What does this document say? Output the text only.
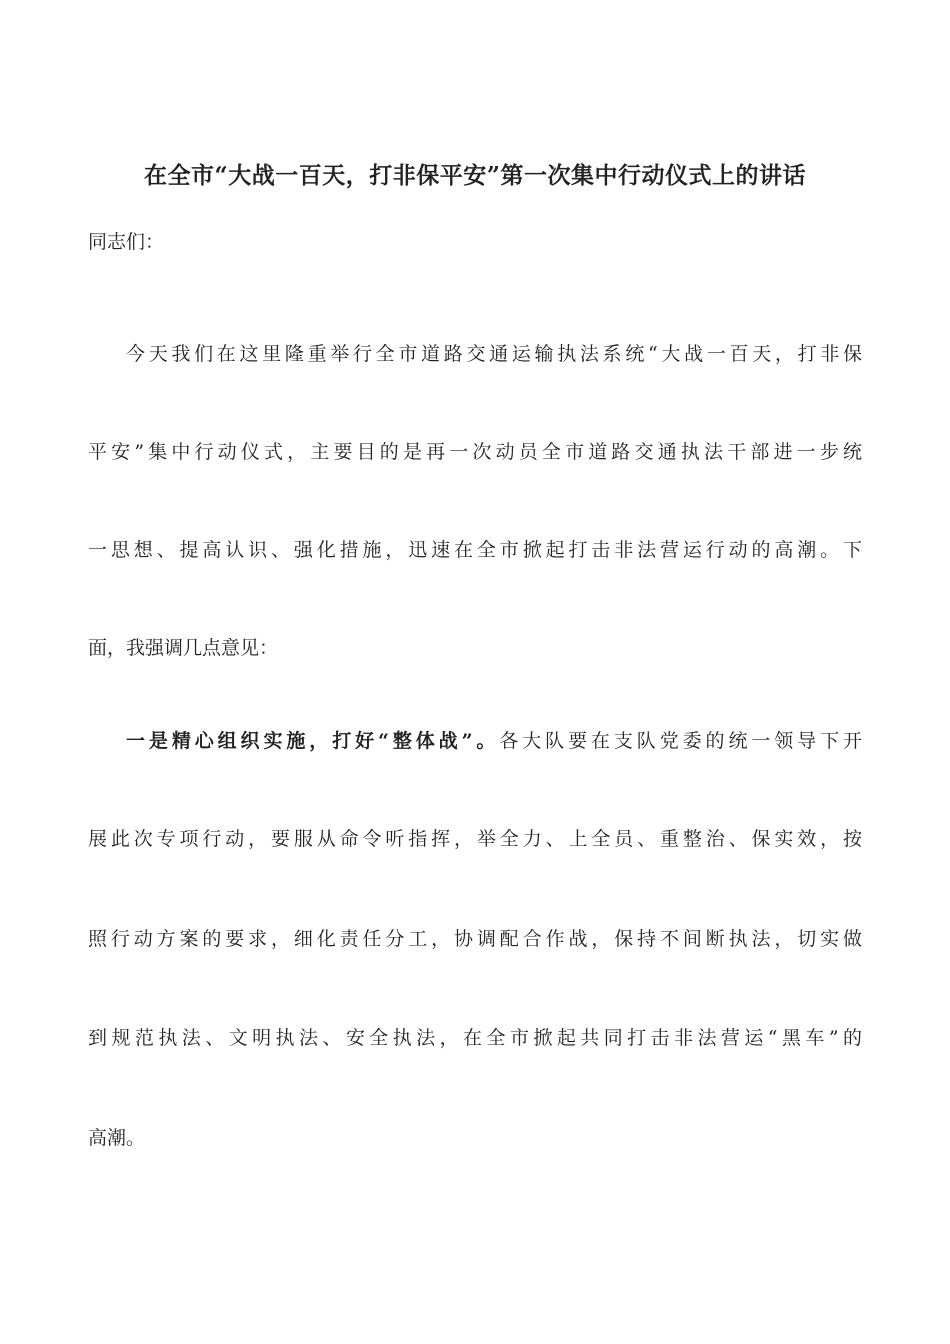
在全市“大战一百天，打非保平安”第一次集中行动仪式上的讲话

同志们：

今天我们在这里隆重举行全市道路交通运输执法系统“大战一百天，打非保

平安”集中行动仪式，主要目的是再一次动员全市道路交通执法干部进一步统

一思想、提高认识、强化措施，迅速在全市掀起打击非法营运行动的高潮。下

面，我强调几点意见：

一是精心组织实施，打好“整体战”。各大队要在支队党委的统一领导下开

展此次专项行动，要服从命令听指挥，举全力、上全员、重整治、保实效，按

照行动方案的要求，细化责任分工，协调配合作战，保持不间断执法，切实做

到规范执法、文明执法、安全执法，在全市掀起共同打击非法营运“黑车”的

高潮。
